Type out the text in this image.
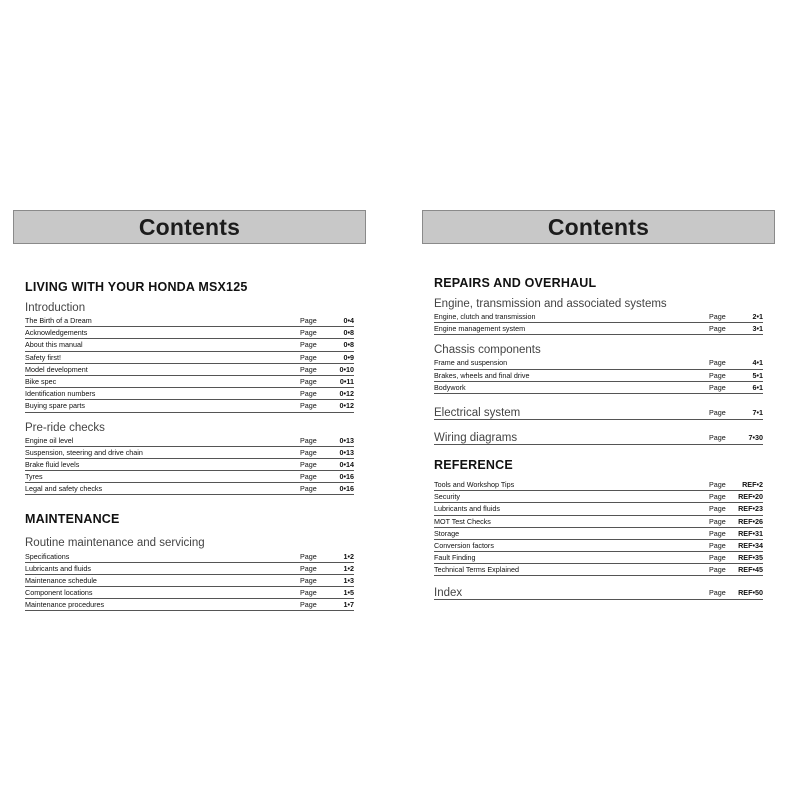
Contents
LIVING WITH YOUR HONDA MSX125
Introduction
The Birth of a Dream	Page	0•4
Acknowledgements	Page	0•8
About this manual	Page	0•8
Safety first!	Page	0•9
Model development	Page	0•10
Bike spec	Page	0•11
Identification numbers	Page	0•12
Buying spare parts	Page	0•12
Pre-ride checks
Engine oil level	Page	0•13
Suspension, steering and drive chain	Page	0•13
Brake fluid levels	Page	0•14
Tyres	Page	0•16
Legal and safety checks	Page	0•16
MAINTENANCE
Routine maintenance and servicing
Specifications	Page	1•2
Lubricants and fluids	Page	1•2
Maintenance schedule	Page	1•3
Component locations	Page	1•5
Maintenance procedures	Page	1•7
Contents
REPAIRS AND OVERHAUL
Engine, transmission and associated systems
Engine, clutch and transmission	Page	2•1
Engine management system	Page	3•1
Chassis components
Frame and suspension	Page	4•1
Brakes, wheels and final drive	Page	5•1
Bodywork	Page	6•1
Electrical system	Page	7•1
Wiring diagrams	Page	7•30
REFERENCE
Tools and Workshop Tips	Page	REF•2
Security	Page	REF•20
Lubricants and fluids	Page	REF•23
MOT Test Checks	Page	REF•26
Storage	Page	REF•31
Conversion factors	Page	REF•34
Fault Finding	Page	REF•35
Technical Terms Explained	Page	REF•45
Index	Page	REF•50
